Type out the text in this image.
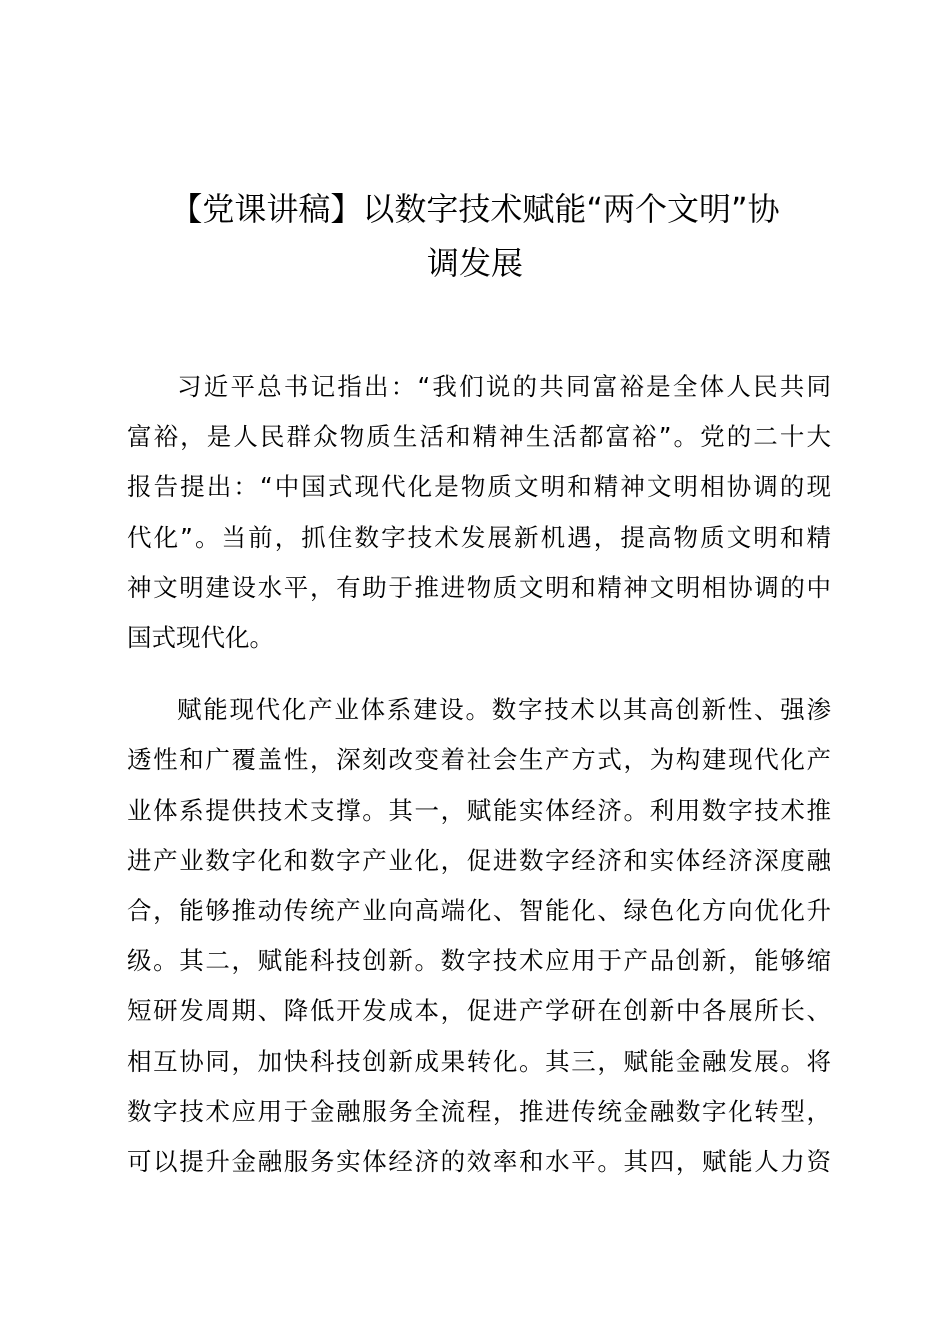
【党课讲稿】以数字技术赋能“两个文明”协
调发展
习近平总书记指出：“我们说的共同富裕是全体人民共同
富裕，是人民群众物质生活和精神生活都富裕”。党的二十大
报告提出：“中国式现代化是物质文明和精神文明相协调的现
代化”。当前，抓住数字技术发展新机遇，提高物质文明和精
神文明建设水平，有助于推进物质文明和精神文明相协调的中
国式现代化。
赋能现代化产业体系建设。数字技术以其高创新性、强渗
透性和广覆盖性，深刻改变着社会生产方式，为构建现代化产
业体系提供技术支撑。其一，赋能实体经济。利用数字技术推
进产业数字化和数字产业化，促进数字经济和实体经济深度融
合，能够推动传统产业向高端化、智能化、绿色化方向优化升
级。其二，赋能科技创新。数字技术应用于产品创新，能够缩
短研发周期、降低开发成本，促进产学研在创新中各展所长、
相互协同，加快科技创新成果转化。其三，赋能金融发展。将
数字技术应用于金融服务全流程，推进传统金融数字化转型，
可以提升金融服务实体经济的效率和水平。其四，赋能人力资
